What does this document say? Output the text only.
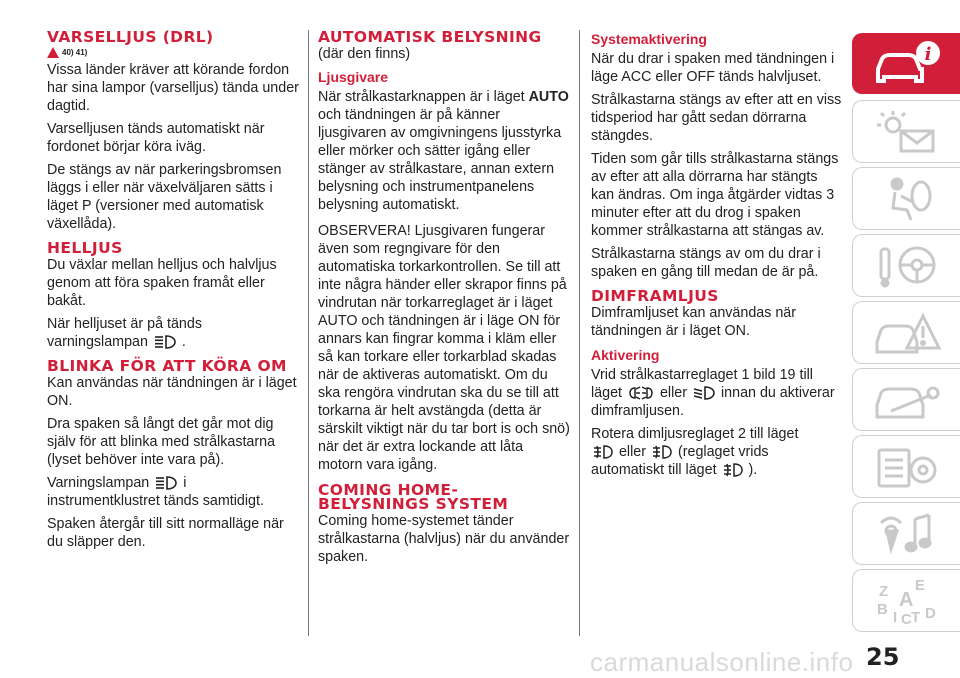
VARSELLJUS (DRL)
40) 41)

Vissa länder kräver att körande fordon har sina lampor (varselljus) tända under dagtid.

Varselljusen tänds automatiskt när fordonet börjar köra iväg.

De stängs av när parkeringsbromsen läggs i eller när växelväljaren sätts i läget P (versioner med automatisk växellåda).

HELLJUS

Du växlar mellan helljus och halvljus genom att föra spaken framåt eller bakåt.

När helljuset är på tänds varningslampan .

BLINKA FÖR ATT KÖRA OM

Kan användas när tändningen är i läget ON.

Dra spaken så långt det går mot dig själv för att blinka med strålkastarna (lyset behöver inte vara på).

Varningslampan i instrumentklustret tänds samtidigt.

Spaken återgår till sitt normalläge när du släpper den.

AUTOMATISK BELYSNING

(där den finns)

Ljusgivare

När strålkastarknappen är i läget AUTO och tändningen är på känner ljusgivaren av omgivningens ljusstyrka eller mörker och sätter igång eller stänger av strålkastare, annan extern belysning och instrumentpanelens belysning automatiskt.

OBSERVERA! Ljusgivaren fungerar även som regngivare för den automatiska torkarkontrollen. Se till att inte några händer eller skrapor finns på vindrutan när torkarreglaget är i läget AUTO och tändningen är i läge ON för annars kan fingrar komma i kläm eller så kan torkare eller torkarblad skadas när de aktiveras automatiskt. Om du ska rengöra vindrutan ska du se till att torkarna är helt avstängda (detta är särskilt viktigt när du tar bort is och snö) när det är extra lockande att låta motorn vara igång.

COMING HOME-BELYSNINGS SYSTEM

Coming home-systemet tänder strålkastarna (halvljus) när du använder spaken.

Systemaktivering

När du drar i spaken med tändningen i läge ACC eller OFF tänds halvljuset.

Strålkastarna stängs av efter att en viss tidsperiod har gått sedan dörrarna stängdes.

Tiden som går tills strålkastarna stängs av efter att alla dörrarna har stängts kan ändras. Om inga åtgärder vidtas 3 minuter efter att du drog i spaken kommer strålkastarna att stängas av.

Strålkastarna stängs av om du drar i spaken en gång till medan de är på.

DIMFRAMLJUS

Dimframljuset kan användas när tändningen är i läget ON.

Aktivering

Vrid strålkastarreglaget 1 bild 19 till läget	eller innan du aktiverar dimframljusen.

Rotera dimljusreglaget 2 till läget
eller (reglaget vrids automatiskt till läget ).

i
Z E
A
B I C T D
carmanualsonline.info 25
